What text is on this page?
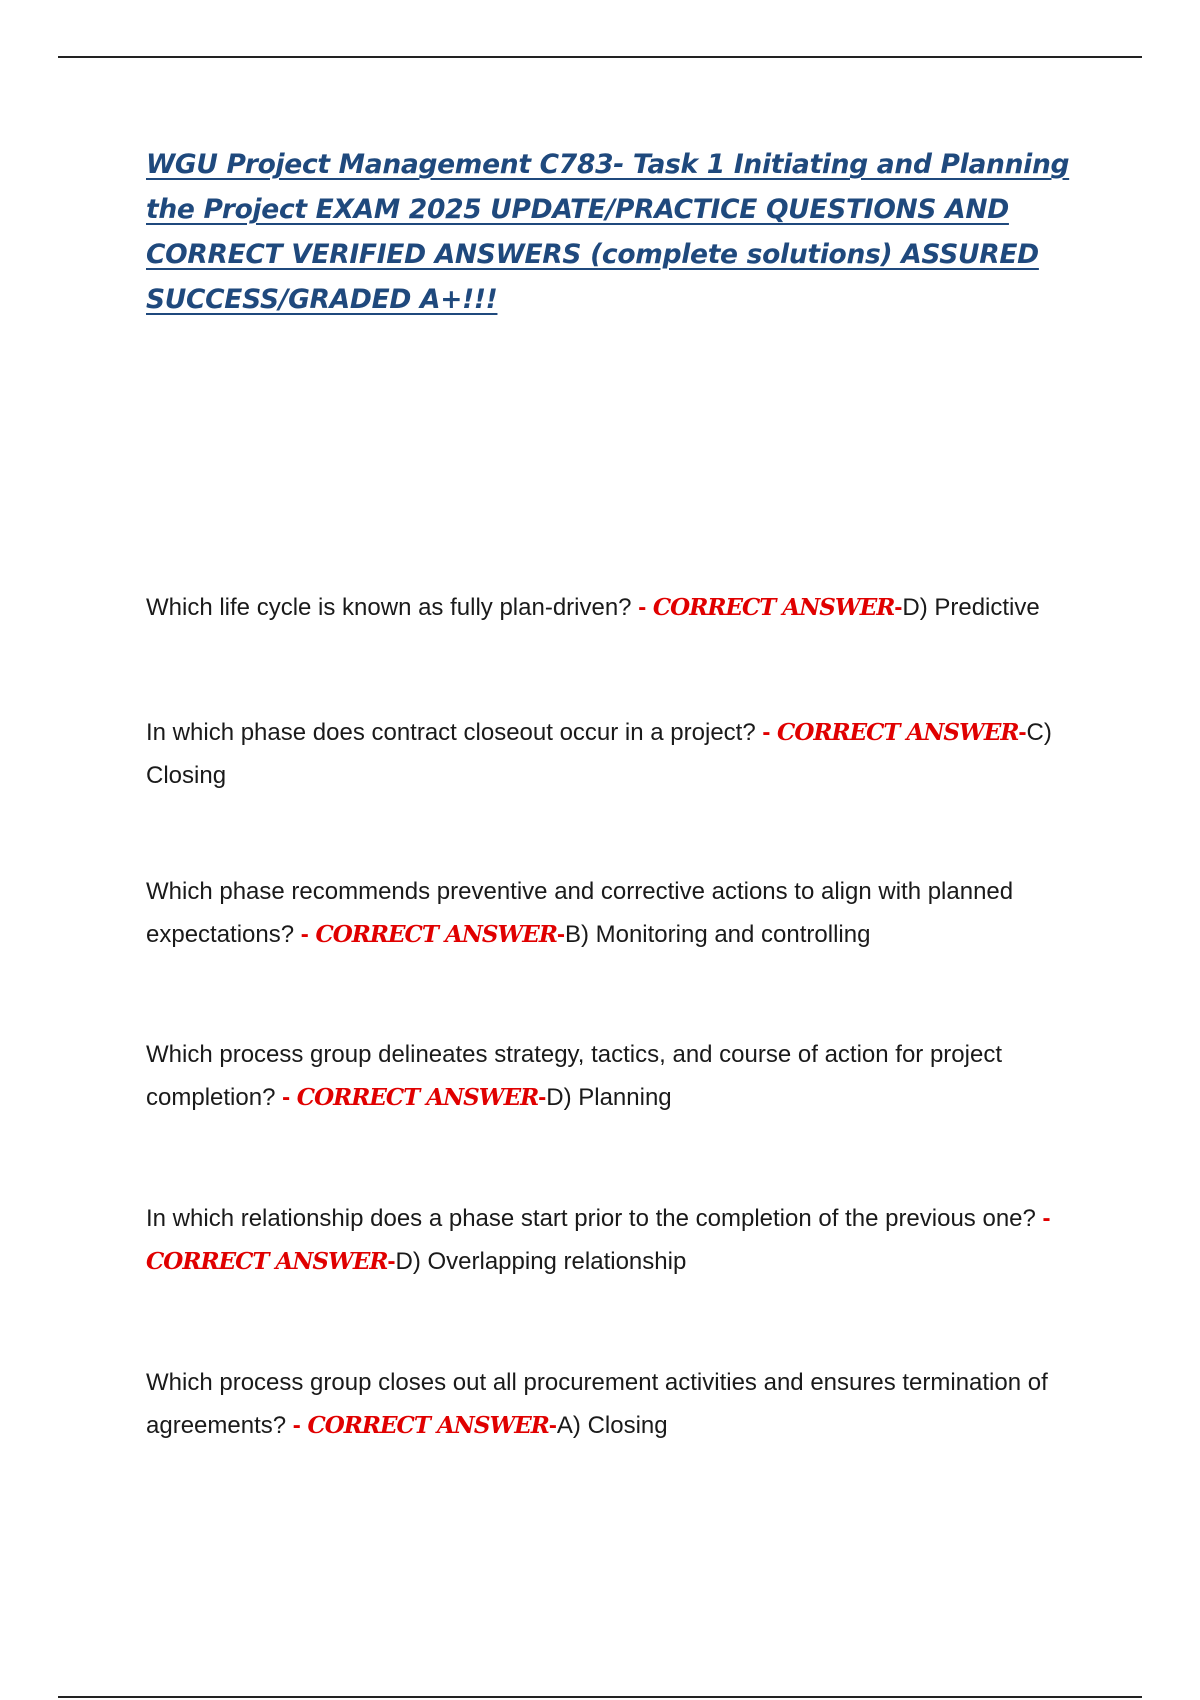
WGU Project Management C783- Task 1 Initiating and Planning the Project EXAM 2025 UPDATE/PRACTICE QUESTIONS AND CORRECT VERIFIED ANSWERS (complete solutions) ASSURED SUCCESS/GRADED A+!!!

Which life cycle is known as fully plan-driven? - CORRECT ANSWER-D) Predictive

In which phase does contract closeout occur in a project? - CORRECT ANSWER-C) Closing

Which phase recommends preventive and corrective actions to align with planned expectations? - CORRECT ANSWER-B) Monitoring and controlling

Which process group delineates strategy, tactics, and course of action for project completion? - CORRECT ANSWER-D) Planning

In which relationship does a phase start prior to the completion of the previous one? - CORRECT ANSWER-D) Overlapping relationship

Which process group closes out all procurement activities and ensures termination of agreements? - CORRECT ANSWER-A) Closing
